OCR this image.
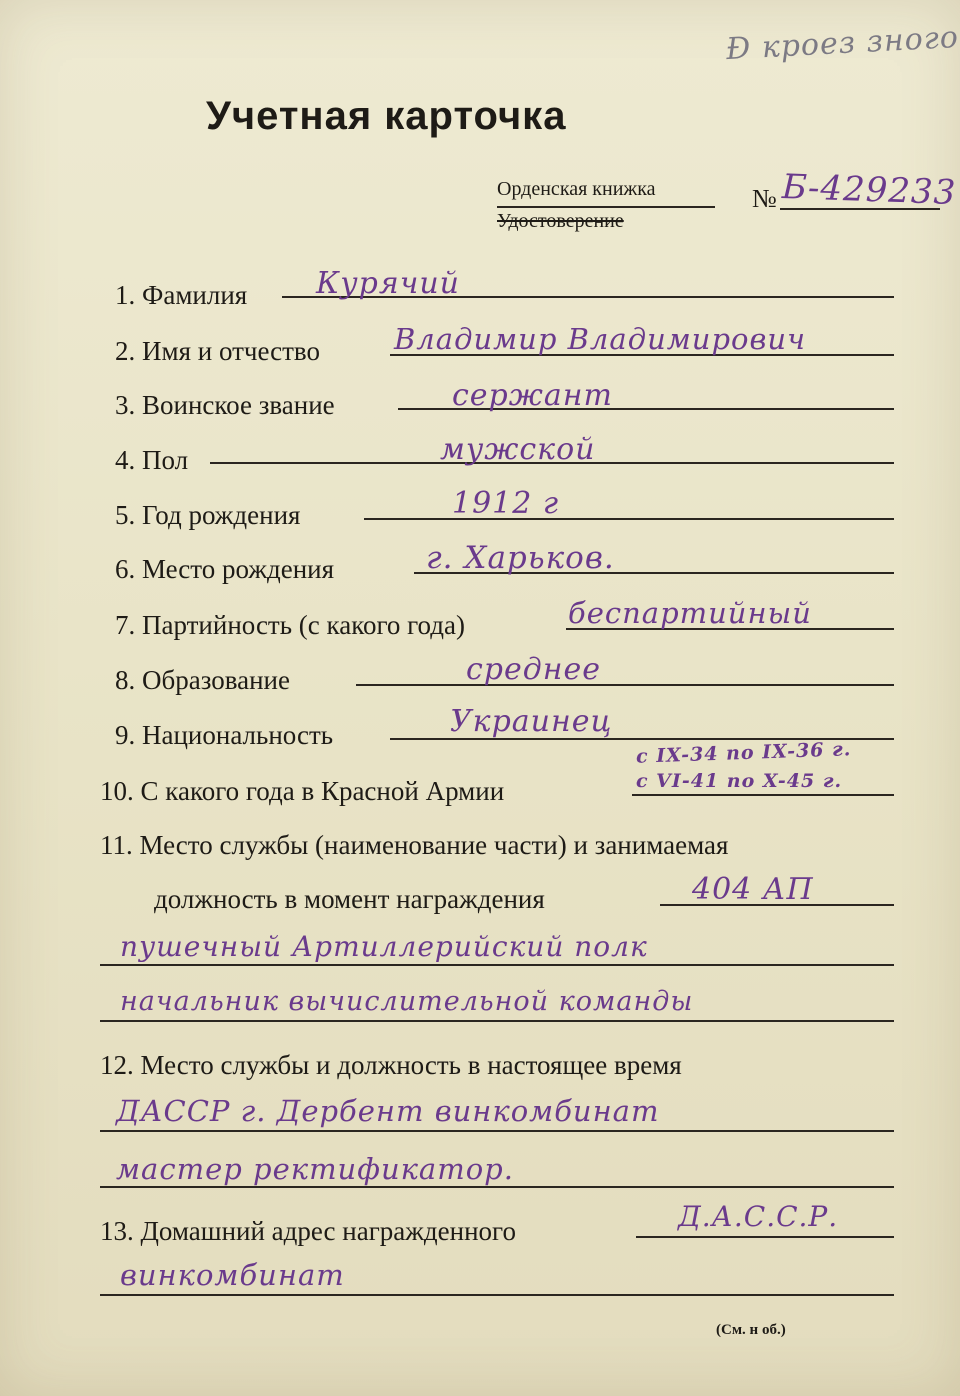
Ɖ кроез зного
Учетная карточка
Орденская книжка
Удостоверение
№ Б-429233
1. Фамилия Курячий
2. Имя и отчество	Владимир Владимирович
3. Воинское звание	сержант
4. Пол	мужской
5. Год рождения	1912 г
6. Место рождения	г. Харьков.
7. Партийность (с какого года)	беспартийный
8. Образование	среднее
9. Национальность	Украинец
10. С какого года в Красной Армии
с IX-34 по IX-36 г.
с VI-41 по X-45 г.
11. Место службы (наименование части) и занимаемая
должность в момент награждения	404 АП
пушечный Артиллерийский полк
начальник вычислительной команды
12. Место службы и должность в настоящее время
ДАССР г. Дербент винкомбинат
мастер ректификатор.
13. Домашний адрес награжденного	Д.А.С.С.Р.
винкомбинат
(См. н об.)
